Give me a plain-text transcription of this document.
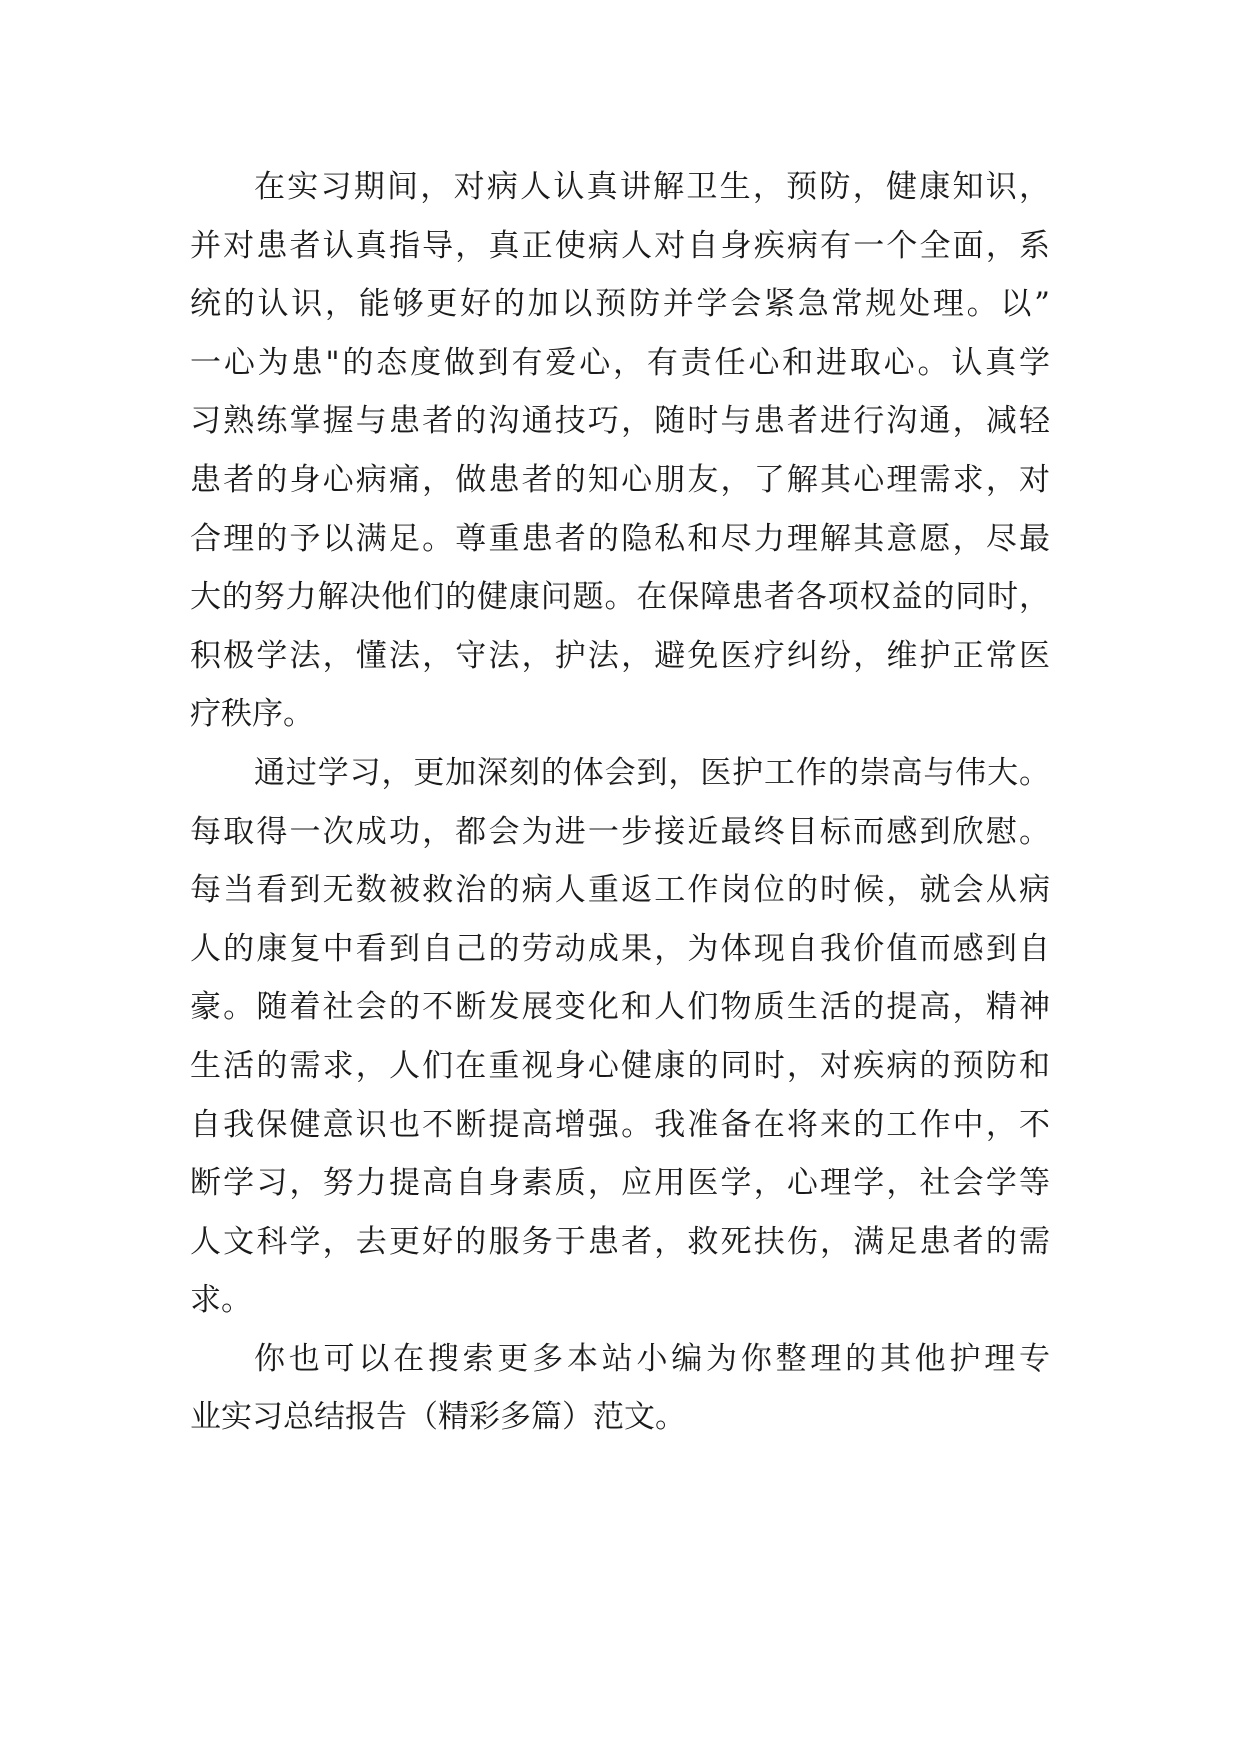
在实习期间，对病人认真讲解卫生，预防，健康知识，
并对患者认真指导，真正使病人对自身疾病有一个全面，系
统的认识，能够更好的加以预防并学会紧急常规处理。以”
一心为患"的态度做到有爱心，有责任心和进取心。认真学
习熟练掌握与患者的沟通技巧，随时与患者进行沟通，减轻
患者的身心病痛，做患者的知心朋友，了解其心理需求，对
合理的予以满足。尊重患者的隐私和尽力理解其意愿，尽最
大的努力解决他们的健康问题。在保障患者各项权益的同时，
积极学法，懂法，守法，护法，避免医疗纠纷，维护正常医
疗秩序。
通过学习，更加深刻的体会到，医护工作的崇高与伟大。
每取得一次成功，都会为进一步接近最终目标而感到欣慰。
每当看到无数被救治的病人重返工作岗位的时候，就会从病
人的康复中看到自己的劳动成果，为体现自我价值而感到自
豪。随着社会的不断发展变化和人们物质生活的提高，精神
生活的需求，人们在重视身心健康的同时，对疾病的预防和
自我保健意识也不断提高增强。我准备在将来的工作中，不
断学习，努力提高自身素质，应用医学，心理学，社会学等
人文科学，去更好的服务于患者，救死扶伤，满足患者的需
求。
你也可以在搜索更多本站小编为你整理的其他护理专
业实习总结报告（精彩多篇）范文。
